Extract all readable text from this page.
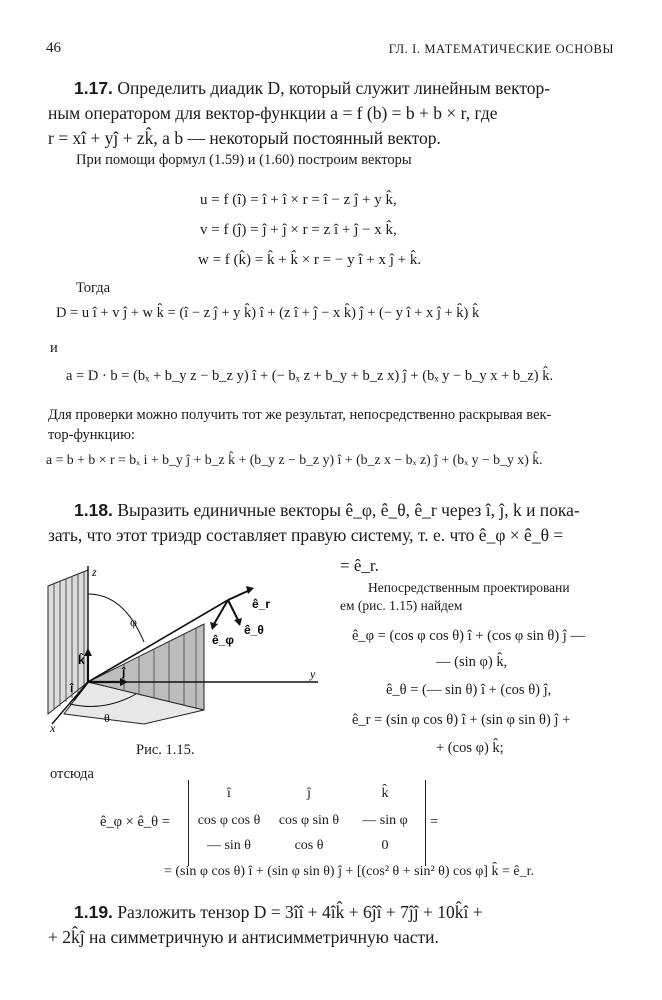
46	ГЛ. I. МАТЕМАТИЧЕСКИЕ ОСНОВЫ
1.17. Определить диадик D, который служит линейным вектор-
ным оператором для вектор-функции a = f (b) = b + b × r, где
r = xî + yĵ + zk̂, a b — некоторый постоянный вектор.
При помощи формул (1.59) и (1.60) построим векторы
u = f (î) = î + î × r = î − z ĵ + y k̂,
v = f (ĵ) = ĵ + ĵ × r = z î + ĵ − x k̂,
w = f (k̂) = k̂ + k̂ × r = − y î + x ĵ + k̂.
Тогда
D = u î + v ĵ + w k̂ = (î − z ĵ + y k̂) î + (z î + ĵ − x k̂) ĵ + (− y î + x ĵ + k̂) k̂
и
a = D · b = (bₓ + b_y z − b_z y) î + (− bₓ z + b_y + b_z x) ĵ + (bₓ y − b_y x + b_z) k̂.
Для проверки можно получить тот же результат, непосредственно раскрывая век-
тор-функцию:
a = b + b × r = bₓ i + b_y ĵ + b_z k̂ + (b_y z − b_z y) î + (b_z x − bₓ z) ĵ + (bₓ y − b_y x) k̂.
1.18. Выразить единичные векторы ê_φ, ê_θ, ê_r через î, ĵ, k и пока-
зать, что этот триэдр составляет правую систему, т. е. что ê_φ × ê_θ =
= ê_r.
z
y
x
φ
θ
k̂
ĵ
î
ê_r
ê_φ
ê_θ
Рис. 1.15.
Непосредственным проектировани
ем (рис. 1.15) найдем
ê_φ = (cos φ cos θ) î + (cos φ sin θ) ĵ —
— (sin φ) k̂,
ê_θ = (— sin θ) î + (cos θ) ĵ,
ê_r = (sin φ cos θ) î + (sin φ sin θ) ĵ +
+ (cos φ) k̂;
отсюда
ê_φ × ê_θ =
î	ĵ	k̂
cos φ cos θ	cos φ sin θ	— sin φ
— sin θ	cos θ	0
=
= (sin φ cos θ) î + (sin φ sin θ) ĵ + [(cos² θ + sin² θ) cos φ] k̂ = ê_r.
1.19. Разложить тензор D = 3îî + 4îk̂ + 6ĵî + 7ĵĵ + 10k̂î +
+ 2k̂ĵ на симметричную и антисимметричную части.
